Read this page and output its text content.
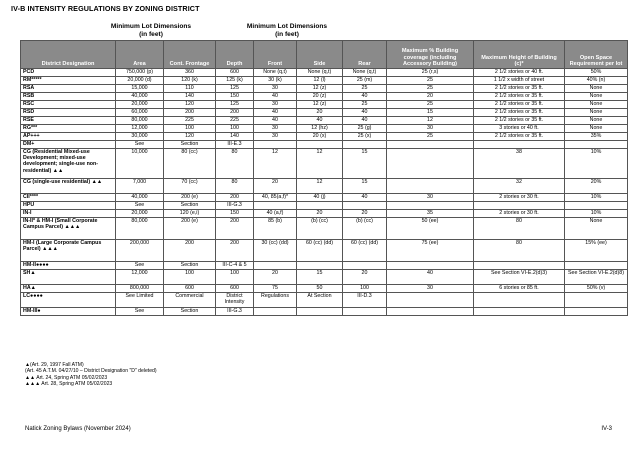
IV-B INTENSITY REGULATIONS BY ZONING DISTRICT
Minimum Lot Dimensions
(in feet)
Minimum Lot Dimensions
(in feet)
District Designation	Area	Cont. Frontage	Depth	Front	Side	Rear	Maximum % Building coverage (including Accessory Building)	Maximum Height of Building (c)*	Open Space Requirement per lot
PCD	750,000 (p)	360	600	None (q,t)	None (q,t)	None (q,t)	25 (r,s)	2 1/2 stories or 40 ft.	50%
RM*****	20,000 (d)	120 (k)	125 (k)	30 (k)	12 (l)	25 (m)	25	1 1/2 x width of street	40% (n)
RSA	15,000	110	125	30	12 (z)	25	25	2 1/2 stories or 35 ft.	None
RSB	40,000	140	150	40	20 (z)	40	20	2 1/2 stories or 35 ft.	None
RSC	20,000	120	125	30	12 (z)	25	25	2 1/2 stories or 35 ft.	None
RSD	60,000	200	200	40	20	40	15	2 1/2 stories or 35 ft.	None
RSE	80,000	225	225	40	40	40	12	2 1/2 stories or 35 ft.	None
RG***	12,000	100	100	30	12 (hz)	25 (g)	30	3 stories or 40 ft.	None
AP+++	30,000	120	140	30	20 (x)	25 (x)	25	2 1/2 stories or 35 ft.	35%
DM+	See	Section	III-E.3						
CG (Residential Mixed-use Development; mixed-use development; single-use non-residential) ▲▲	10,000	80 (cc)	80	12	12	15		38	10%
CG (single-use residential) ▲▲	7,000	70 (cc)	80	20	12	15		32	20%
CII****	40,000	200 (e)	200	40, 85(a,f)*	40 (j)	40	30	2 stories or 30 ft.	10%
HPU	See	Section	III-G.3						
IN-I	20,000	120 (e,i)	150	40 (a,f)	20	20	35	2 stories or 30 ft.	10%
IN-II* & HM-I (Small Corporate Campus Parcel) ▲▲▲	80,000	200 (e)	200	85 (b)	(b) (cc)	(b) (cc)	50 (ee)	80	None
HM-I (Large Corporate Campus Parcel) ▲▲▲	200,000	200	200	30 (cc) (dd)	60 (cc) (dd)	60 (cc) (dd)	75 (ee)	80	15% (ee)
HM-II●●●●	See	Section	III-C-4 & 5						
SH▲	12,000	100	100	20	15	20	40	See Section VI-E.2(d)3)	See Section VI-E.2(d)8)
HA▲	800,000	600	600	75	50	100	30	6 stories or 85 ft.	50% (v)
LC●●●●	See Limited	Commercial	District Intensity	Regulations	At Section	III-D.3			
HM-III●	See	Section	III-G.3						
▲(Art. 29, 1997 Fall ATM)
(Art. 45 A.T.M. 04/27/10 – District Designation "D" deleted)
▲▲ Art. 24, Spring ATM 05/02/2023
▲▲▲ Art. 28, Spring ATM 05/02/2023
Natick Zoning Bylaws (November 2024)	IV-3
